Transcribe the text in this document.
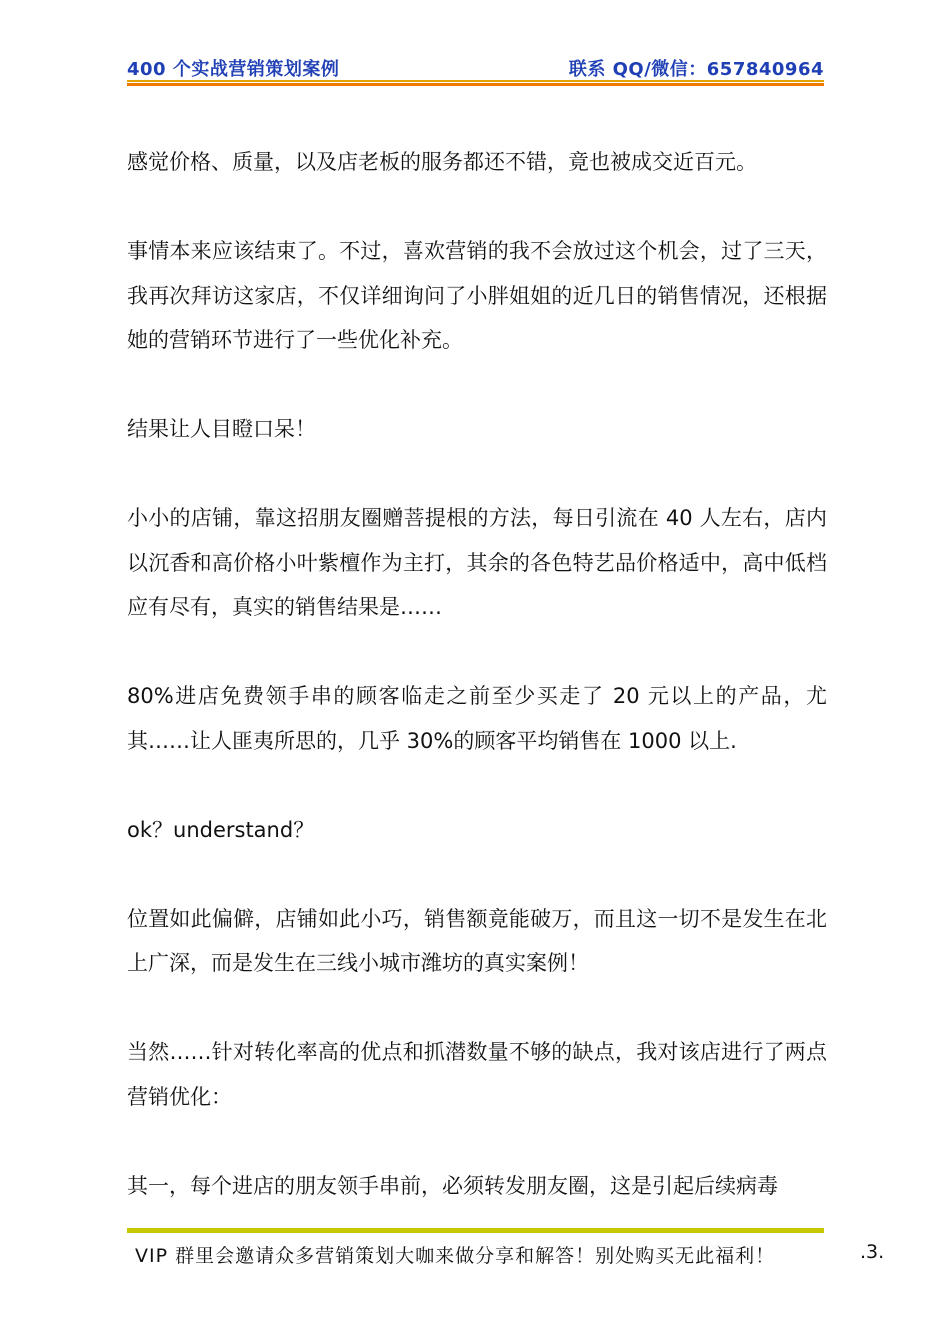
400 个实战营销策划案例	联系 QQ/微信：657840964

感觉价格、质量，以及店老板的服务都还不错，竟也被成交近百元。

事情本来应该结束了。不过，喜欢营销的我不会放过这个机会，过了三天，我再次拜访这家店，不仅详细询问了小胖姐姐的近几日的销售情况，还根据她的营销环节进行了一些优化补充。

结果让人目瞪口呆！

小小的店铺，靠这招朋友圈赠菩提根的方法，每日引流在 40 人左右，店内以沉香和高价格小叶紫檀作为主打，其余的各色特艺品价格适中，高中低档应有尽有，真实的销售结果是……

80%进店免费领手串的顾客临走之前至少买走了 20 元以上的产品，尤其……让人匪夷所思的，几乎 30%的顾客平均销售在 1000 以上.

ok？understand？

位置如此偏僻，店铺如此小巧，销售额竟能破万，而且这一切不是发生在北上广深，而是发生在三线小城市潍坊的真实案例！

当然……针对转化率高的优点和抓潜数量不够的缺点，我对该店进行了两点营销优化：

其一，每个进店的朋友领手串前，必须转发朋友圈，这是引起后续病毒

VIP 群里会邀请众多营销策划大咖来做分享和解答！别处购买无此福利！	.3.
